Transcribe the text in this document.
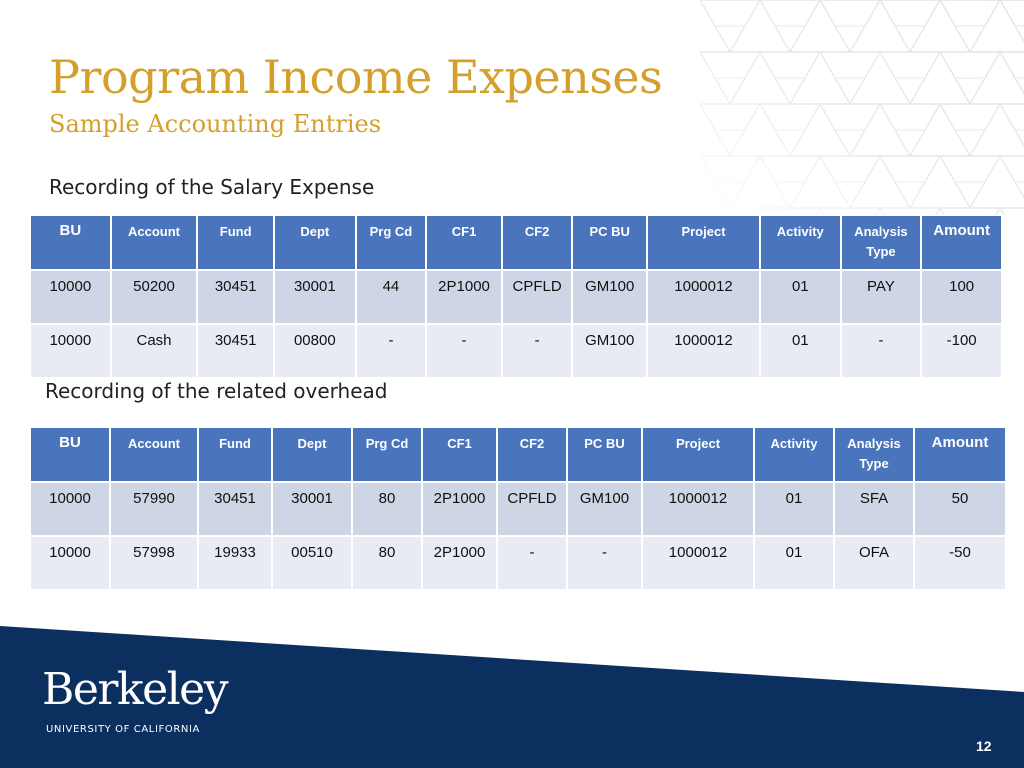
Program Income Expenses
Sample Accounting Entries

Recording of the Salary Expense

BU	Account	Fund	Dept	Prg Cd	CF1	CF2	PC BU	Project	Activity	Analysis Type	Amount
10000	50200	30451	30001	44	2P1000	CPFLD	GM100	1000012	01	PAY	100
10000	Cash	30451	00800	-	-	-	GM100	1000012	01	-	-100

Recording of the related overhead

BU	Account	Fund	Dept	Prg Cd	CF1	CF2	PC BU	Project	Activity	Analysis Type	Amount
10000	57990	30451	30001	80	2P1000	CPFLD	GM100	1000012	01	SFA	50
10000	57998	19933	00510	80	2P1000	-	-	1000012	01	OFA	-50
Berkeley
UNIVERSITY OF CALIFORNIA
12
